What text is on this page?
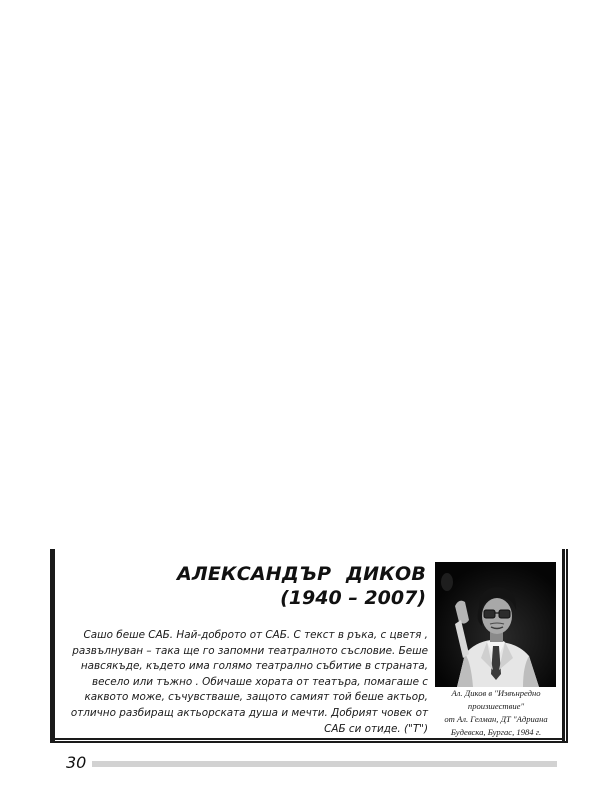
АЛЕКСАНДЪР ДИКОВ
(1940 – 2007)

Сашо беше САБ. Най-доброто от САБ. С текст в ръка, с цветя , развълнуван – така ще го запомни театралното съсловие. Беше навсякъде, където има голямо театрално събитие в страната, весело или тъжно . Обичаше хората от театъра, помагаше с каквото може, съчувстваше, защото самият той беше актьор, отлично разбиращ актьорската душа и мечти. Добрият човек от САБ си отиде. ("Т")

Ал. Диков в "Извънредно
произшествие"
от Ал. Гелман, ДТ "Адриана
Будевска, Бургас, 1984 г.

30
